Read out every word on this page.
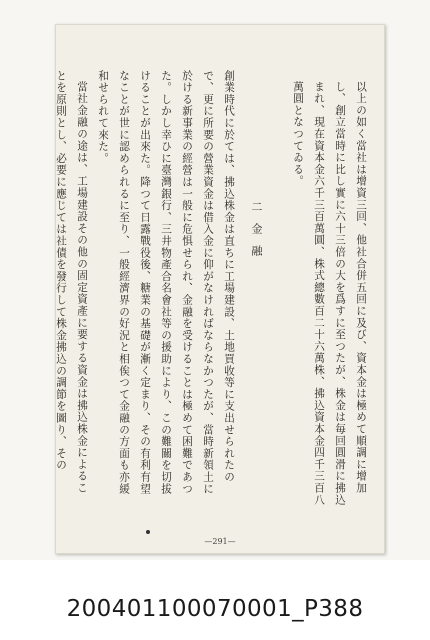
以上の如く當社は增資三回、他社合併五回に及び、資本金は極めて順調に增加
し、創立當時に比し實に六十三倍の大を爲すに至つたが、株金は毎回圓滑に拂込
まれ、現在資本金六千三百萬圓、株式總數百二十六萬株、拂込資本金四千三百八
萬圓となつてゐる。
二　金　融
創業時代に於ては、拂込株金は直ちに工場建設、土地買收等に支出せられたの
で、更に所要の營業資金は借入金に仰がなければならなかつたが、當時新領土に
於ける新事業の經營は一般に危惧せられ、金融を受けることは極めて困難であつ
た。しかし幸ひに臺灣銀行、三井物產合名會社等の援助により、この難關を切拔
けることが出來た。降つて日露戰役後、糖業の基礎が漸く定まり、その有利有望
なことが世に認められるに至り、一般經濟界の好況と相俟つて金融の方面も亦緩
和せられて來た。
當社金融の途は、工場建設その他の固定資產に要する資金は拂込株金によるこ
とを原則とし、必要に應じては社債を發行して株金拂込の調節を圖り、その
—291—
200401100070001_P388
